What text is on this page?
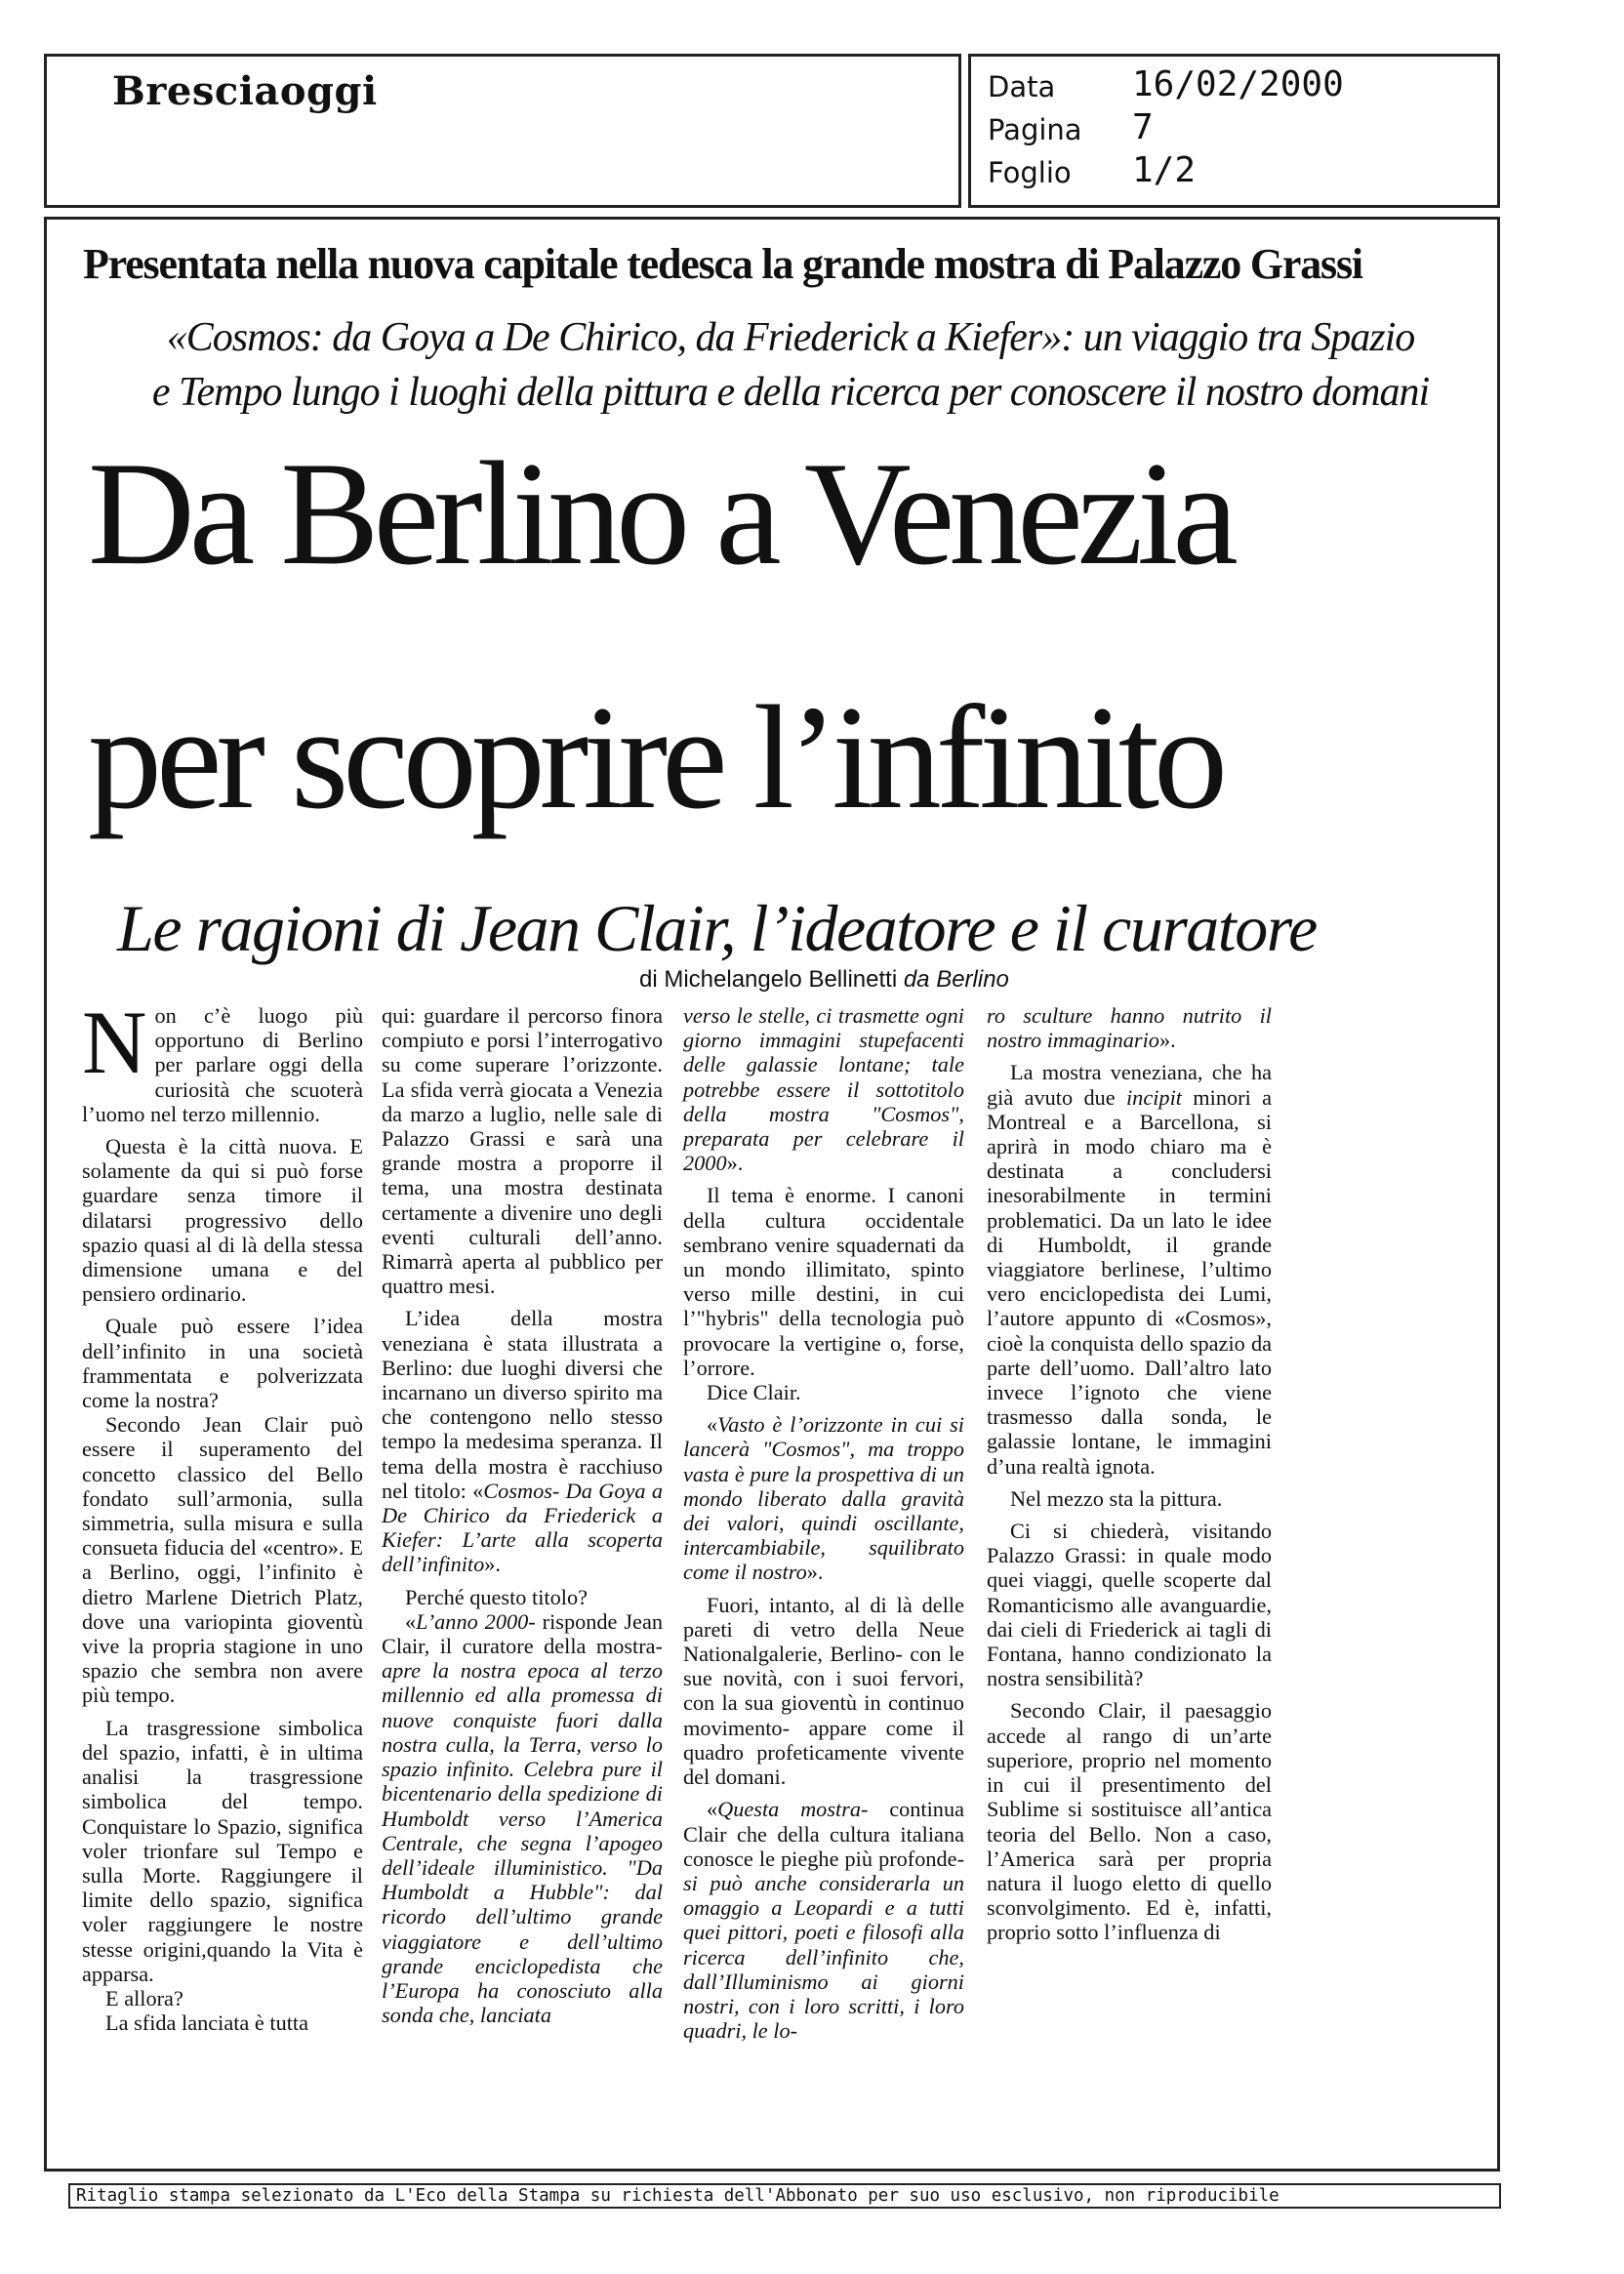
Bresciaoggi	Data 16/02/2000
Pagina 7
Foglio 1/2
Presentata nella nuova capitale tedesca la grande mostra di Palazzo Grassi
«Cosmos: da Goya a De Chirico, da Friederick a Kiefer»: un viaggio tra Spazio
e Tempo lungo i luoghi della pittura e della ricerca per conoscere il nostro domani
Da Berlino a Venezia
per scoprire l’infinito
Le ragioni di Jean Clair, l’ideatore e il curatore
di Michelangelo Bellinetti da Berlino

Non c’è luogo più opportuno di Berlino per parlare oggi della curiosità che scuoterà l’uomo nel terzo millennio.

Questa è la città nuova. E solamente da qui si può forse guardare senza timore il dilatarsi progressivo dello spazio quasi al di là della stessa dimensione umana e del pensiero ordinario.

Quale può essere l’idea dell’infinito in una società frammentata e polverizzata come la nostra?

Secondo Jean Clair può essere il superamento del concetto classico del Bello fondato sull’armonia, sulla simmetria, sulla misura e sulla consueta fiducia del «centro». E a Berlino, oggi, l’infinito è dietro Marlene Dietrich Platz, dove una variopinta gioventù vive la propria stagione in uno spazio che sembra non avere più tempo.

La trasgressione simbolica del spazio, infatti, è in ultima analisi la trasgressione simbolica del tempo. Conquistare lo Spazio, significa voler trionfare sul Tempo e sulla Morte. Raggiungere il limite dello spazio, significa voler raggiungere le nostre stesse origini,quando la Vita è apparsa.

E allora?

La sfida lanciata è tutta

qui: guardare il percorso finora compiuto e porsi l’interrogativo su come superare l’orizzonte. La sfida verrà giocata a Venezia da marzo a luglio, nelle sale di Palazzo Grassi e sarà una grande mostra a proporre il tema, una mostra destinata certamente a divenire uno degli eventi culturali dell’anno. Rimarrà aperta al pubblico per quattro mesi.

L’idea della mostra veneziana è stata illustrata a Berlino: due luoghi diversi che incarnano un diverso spirito ma che contengono nello stesso tempo la medesima speranza. Il tema della mostra è racchiuso nel titolo: «Cosmos- Da Goya a De Chirico da Friederick a Kiefer: L’arte alla scoperta dell’infinito».

Perché questo titolo?

«L’anno 2000- risponde Jean Clair, il curatore della mostra- apre la nostra epoca al terzo millennio ed alla promessa di nuove conquiste fuori dalla nostra culla, la Terra, verso lo spazio infinito. Celebra pure il bicentenario della spedizione di Humboldt verso l’America Centrale, che segna l’apogeo dell’ideale illuministico. "Da Humboldt a Hubble": dal ricordo dell’ultimo grande viaggiatore e dell’ultimo grande enciclopedista che l’Europa ha conosciuto alla sonda che, lanciata

verso le stelle, ci trasmette ogni giorno immagini stupefacenti delle galassie lontane; tale potrebbe essere il sottotitolo della mostra "Cosmos", preparata per celebrare il 2000».

Il tema è enorme. I canoni della cultura occidentale sembrano venire squadernati da un mondo illimitato, spinto verso mille destini, in cui l’"hybris" della tecnologia può provocare la vertigine o, forse, l’orrore.

Dice Clair.

«Vasto è l’orizzonte in cui si lancerà "Cosmos", ma troppo vasta è pure la prospettiva di un mondo liberato dalla gravità dei valori, quindi oscillante, intercambiabile, squilibrato come il nostro».

Fuori, intanto, al di là delle pareti di vetro della Neue Nationalgalerie, Berlino- con le sue novità, con i suoi fervori, con la sua gioventù in continuo movimento- appare come il quadro profeticamente vivente del domani.

«Questa mostra- continua Clair che della cultura italiana conosce le pieghe più profonde- si può anche considerarla un omaggio a Leopardi e a tutti quei pittori, poeti e filosofi alla ricerca dell’infinito che, dall’Illuminismo ai giorni nostri, con i loro scritti, i loro quadri, le lo-

ro sculture hanno nutrito il nostro immaginario».

La mostra veneziana, che ha già avuto due incipit minori a Montreal e a Barcellona, si aprirà in modo chiaro ma è destinata a concludersi inesorabilmente in termini problematici. Da un lato le idee di Humboldt, il grande viaggiatore berlinese, l’ultimo vero enciclopedista dei Lumi, l’autore appunto di «Cosmos», cioè la conquista dello spazio da parte dell’uomo. Dall’altro lato invece l’ignoto che viene trasmesso dalla sonda, le galassie lontane, le immagini d’una realtà ignota.

Nel mezzo sta la pittura.

Ci si chiederà, visitando Palazzo Grassi: in quale modo quei viaggi, quelle scoperte dal Romanticismo alle avanguardie, dai cieli di Friederick ai tagli di Fontana, hanno condizionato la nostra sensibilità?

Secondo Clair, il paesaggio accede al rango di un’arte superiore, proprio nel momento in cui il presentimento del Sublime si sostituisce all’antica teoria del Bello. Non a caso, l’America sarà per propria natura il luogo eletto di quello sconvolgimento. Ed è, infatti, proprio sotto l’influenza di

Ritaglio stampa selezionato da L'Eco della Stampa su richiesta dell'Abbonato per suo uso esclusivo, non riproducibile
